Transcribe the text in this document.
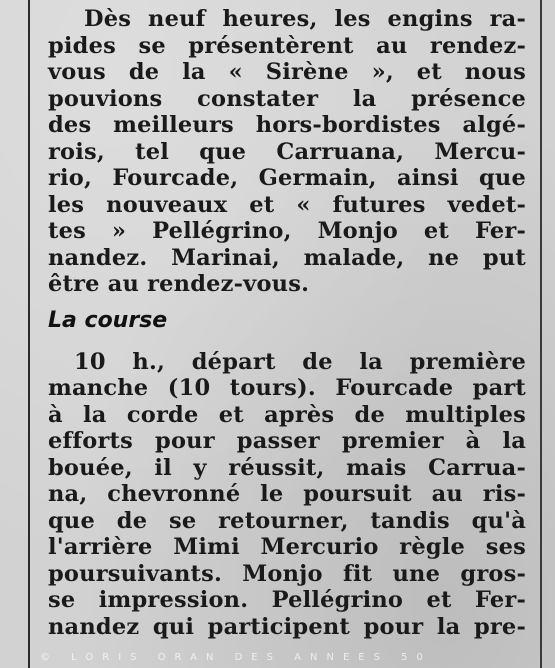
Dès neuf heures, les engins ra-
pides se présentèrent au rendez-
vous de la « Sirène », et nous
pouvions constater la présence
des meilleurs hors-bordistes algé-
rois, tel que Carruana, Mercu-
rio, Fourcade, Germain, ainsi que
les nouveaux et « futures vedet-
tes » Pellégrino, Monjo et Fer-
nandez. Marinai, malade, ne put
être au rendez-vous.
La course
10 h., départ de la première
manche (10 tours). Fourcade part
à la corde et après de multiples
efforts pour passer premier à la
bouée, il y réussit, mais Carrua-
na, chevronné le poursuit au ris-
que de se retourner, tandis qu'à
l'arrière Mimi Mercurio règle ses
poursuivants. Monjo fit une gros-
se impression. Pellégrino et Fer-
nandez qui participent pour la pre-
© LORIS ORAN DES ANNEES 50
